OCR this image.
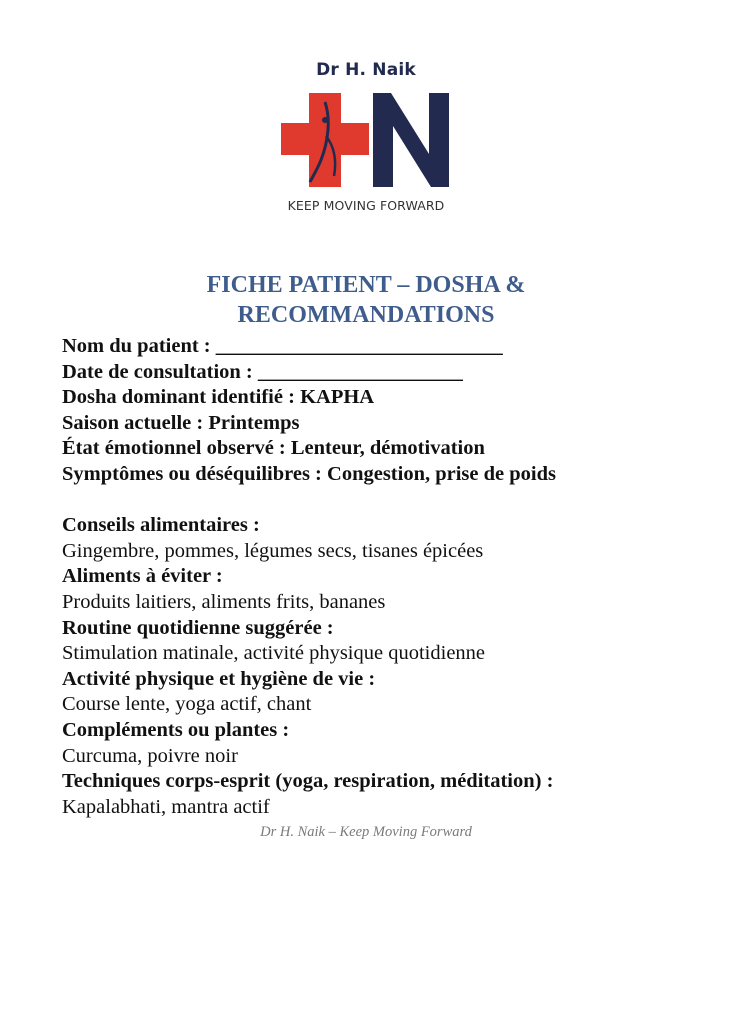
Dr H. Naik
KEEP MOVING FORWARD
FICHE PATIENT – DOSHA &
RECOMMANDATIONS
Nom du patient : ____________________________
Date de consultation : ____________________
Dosha dominant identifié : KAPHA
Saison actuelle : Printemps
État émotionnel observé : Lenteur, démotivation
Symptômes ou déséquilibres : Congestion, prise de poids
Conseils alimentaires :
Gingembre, pommes, légumes secs, tisanes épicées
Aliments à éviter :
Produits laitiers, aliments frits, bananes
Routine quotidienne suggérée :
Stimulation matinale, activité physique quotidienne
Activité physique et hygiène de vie :
Course lente, yoga actif, chant
Compléments ou plantes :
Curcuma, poivre noir
Techniques corps-esprit (yoga, respiration, méditation) :
Kapalabhati, mantra actif
Dr H. Naik – Keep Moving Forward
